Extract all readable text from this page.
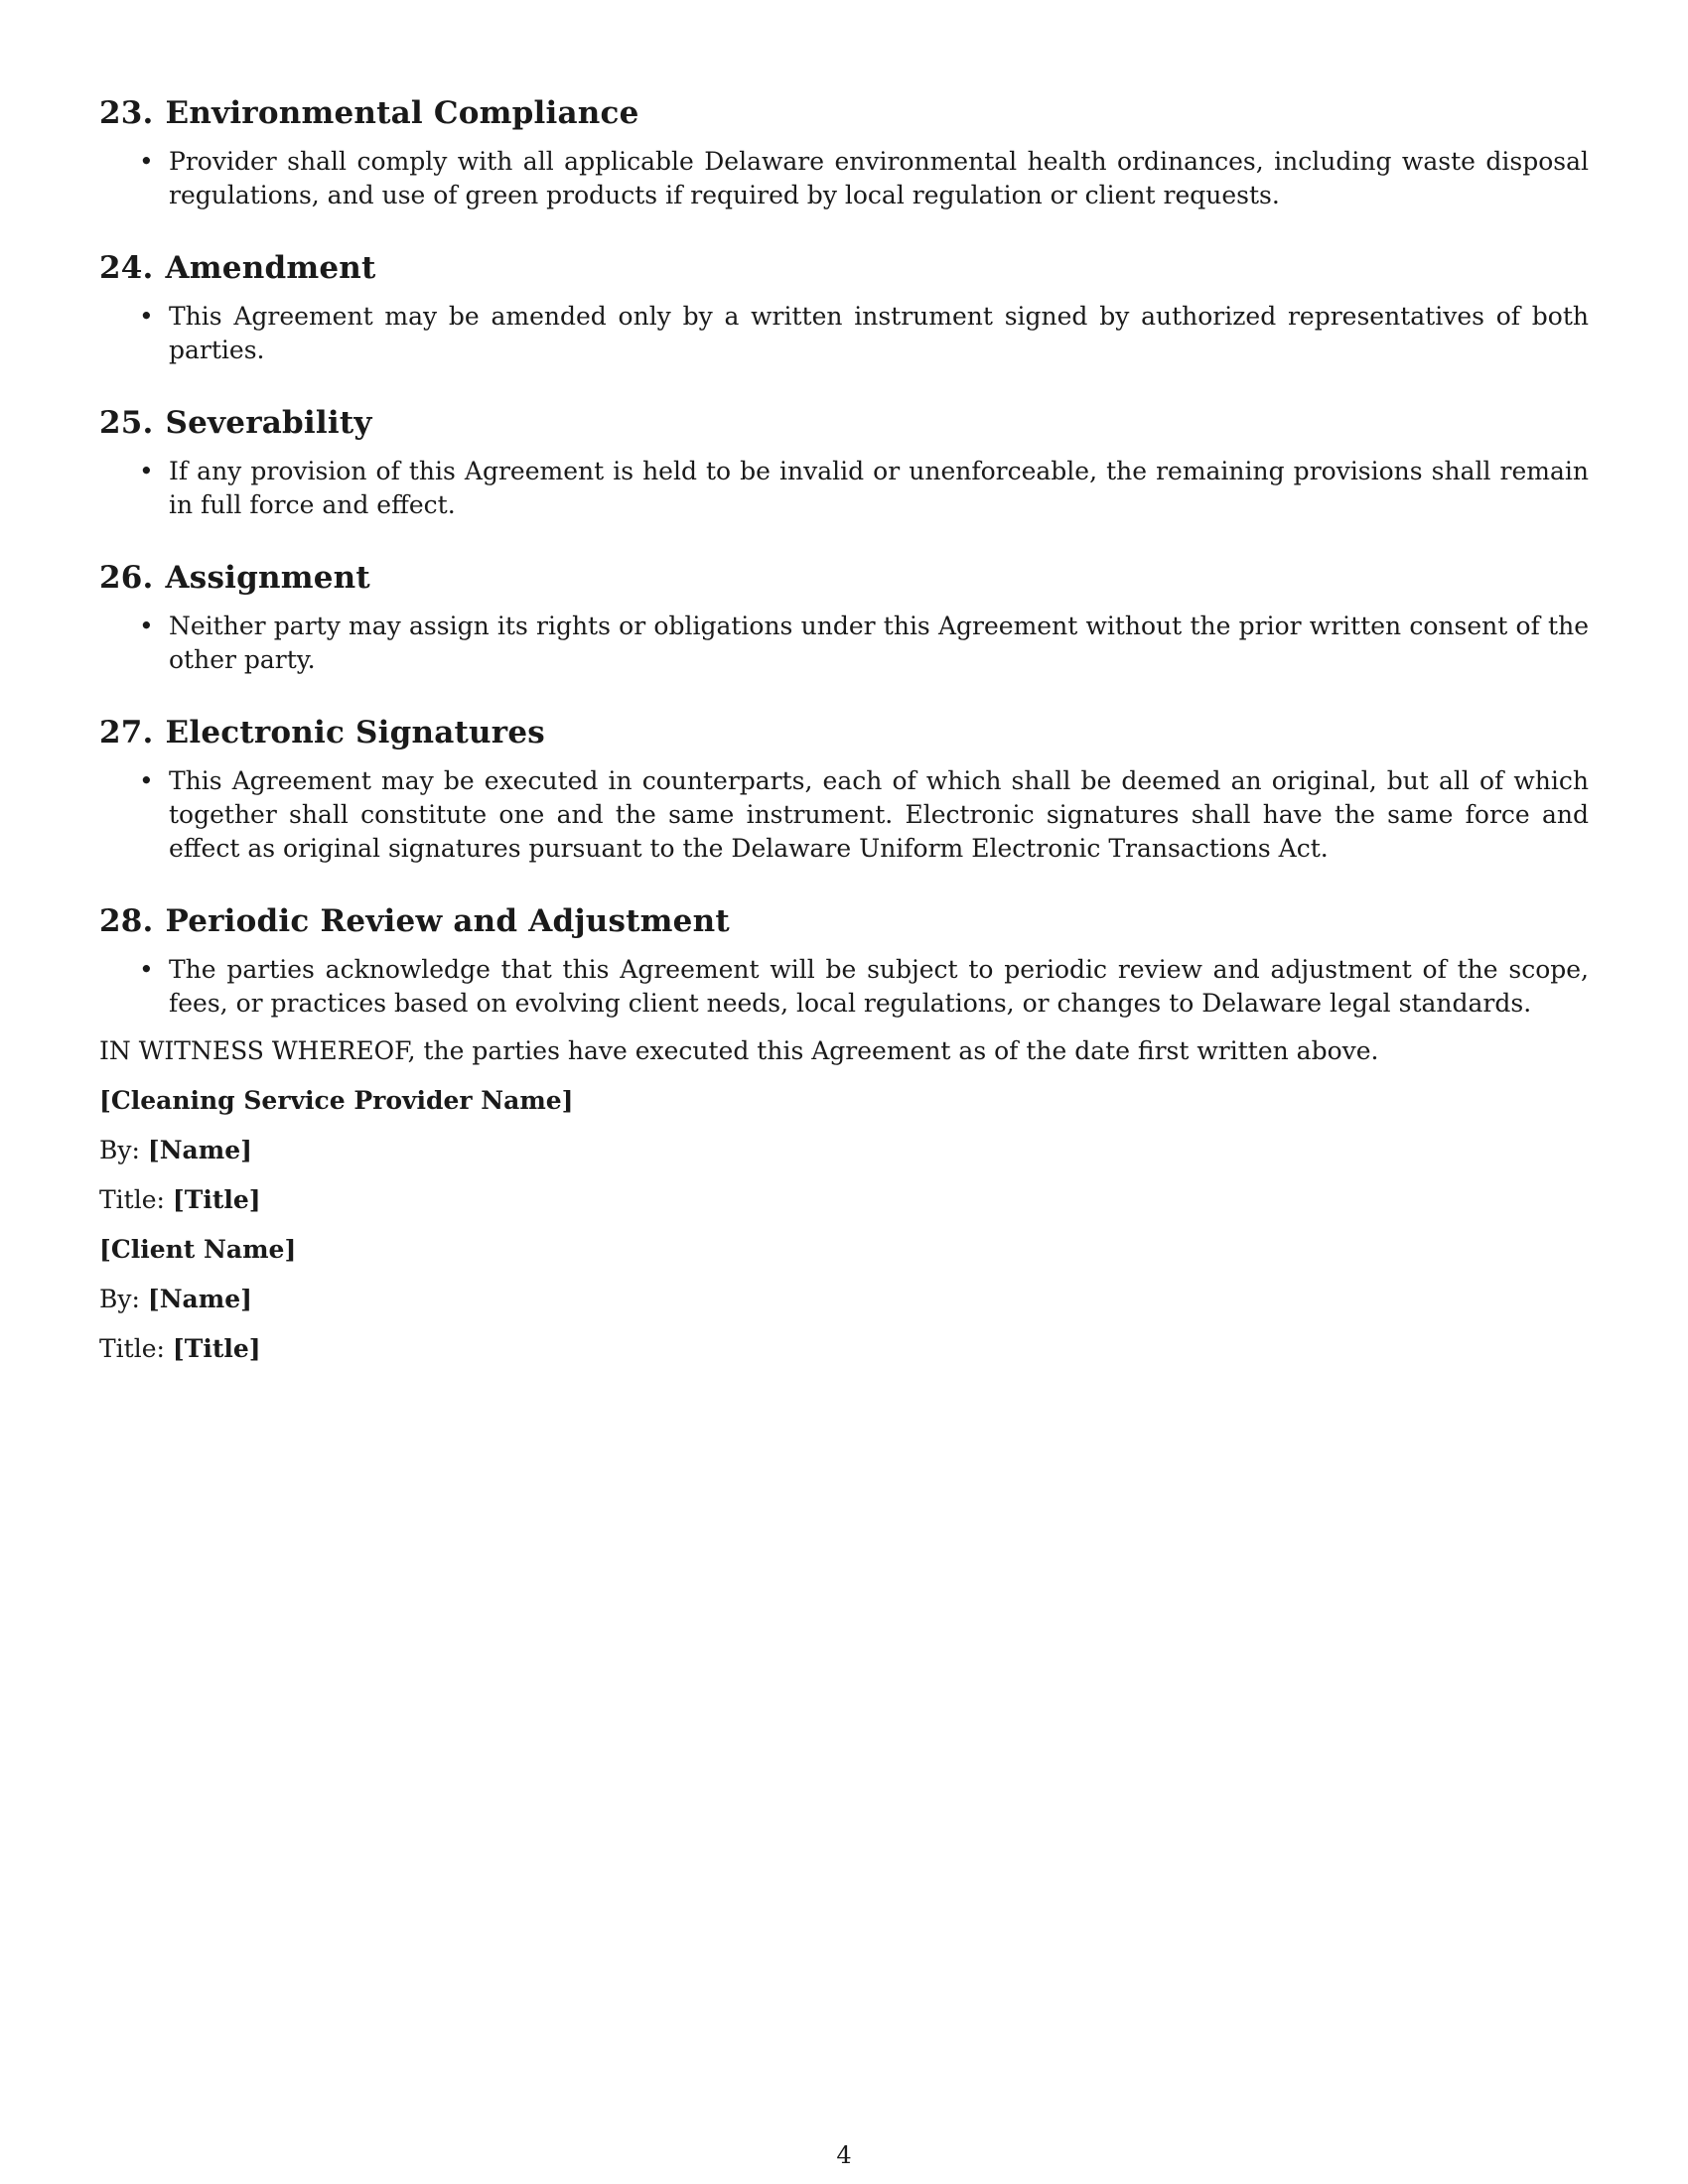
23. Environmental Compliance
• Provider shall comply with all applicable Delaware environmental health ordinances, including waste disposal regulations, and use of green products if required by local regulation or client requests.
24. Amendment
• This Agreement may be amended only by a written instrument signed by authorized representatives of both parties.
25. Severability
• If any provision of this Agreement is held to be invalid or unenforceable, the remaining provisions shall remain in full force and effect.
26. Assignment
• Neither party may assign its rights or obligations under this Agreement without the prior written consent of the other party.
27. Electronic Signatures
• This Agreement may be executed in counterparts, each of which shall be deemed an original, but all of which together shall constitute one and the same instrument. Electronic signatures shall have the same force and effect as original signatures pursuant to the Delaware Uniform Electronic Transactions Act.
28. Periodic Review and Adjustment
• The parties acknowledge that this Agreement will be subject to periodic review and adjustment of the scope, fees, or practices based on evolving client needs, local regulations, or changes to Delaware legal standards.

IN WITNESS WHEREOF, the parties have executed this Agreement as of the date first written above.

[Cleaning Service Provider Name]

By: [Name]

Title: [Title]

[Client Name]

By: [Name]

Title: [Title]

4
